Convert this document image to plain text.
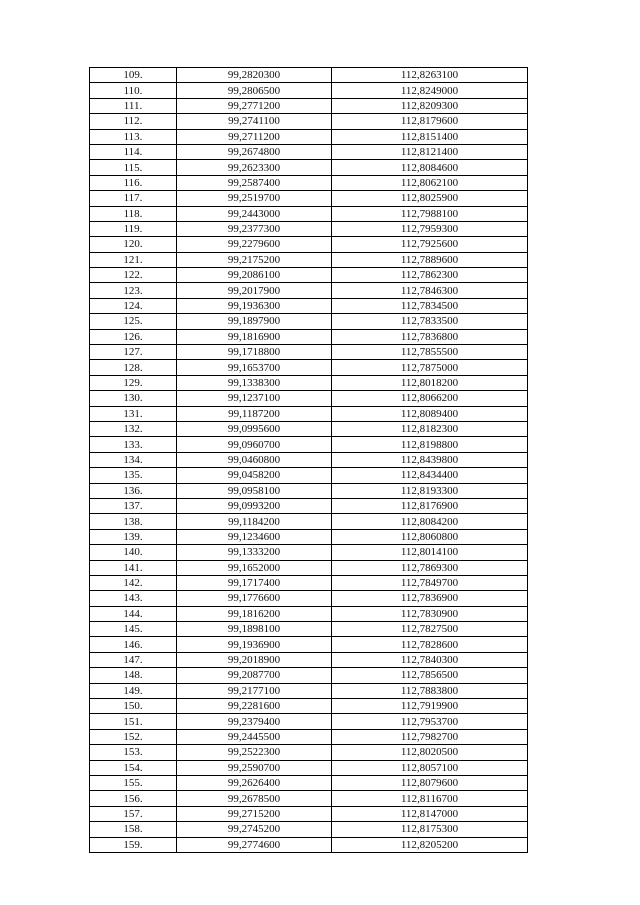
109.	99,2820300	112,8263100
110.	99,2806500	112,8249000
111.	99,2771200	112,8209300
112.	99,2741100	112,8179600
113.	99,2711200	112,8151400
114.	99,2674800	112,8121400
115.	99,2623300	112,8084600
116.	99,2587400	112,8062100
117.	99,2519700	112,8025900
118.	99,2443000	112,7988100
119.	99,2377300	112,7959300
120.	99,2279600	112,7925600
121.	99,2175200	112,7889600
122.	99,2086100	112,7862300
123.	99,2017900	112,7846300
124.	99,1936300	112,7834500
125.	99,1897900	112,7833500
126.	99,1816900	112,7836800
127.	99,1718800	112,7855500
128.	99,1653700	112,7875000
129.	99,1338300	112,8018200
130.	99,1237100	112,8066200
131.	99,1187200	112,8089400
132.	99,0995600	112,8182300
133.	99,0960700	112,8198800
134.	99,0460800	112,8439800
135.	99,0458200	112,8434400
136.	99,0958100	112,8193300
137.	99,0993200	112,8176900
138.	99,1184200	112,8084200
139.	99,1234600	112,8060800
140.	99,1333200	112,8014100
141.	99,1652000	112,7869300
142.	99,1717400	112,7849700
143.	99,1776600	112,7836900
144.	99,1816200	112,7830900
145.	99,1898100	112,7827500
146.	99,1936900	112,7828600
147.	99,2018900	112,7840300
148.	99,2087700	112,7856500
149.	99,2177100	112,7883800
150.	99,2281600	112,7919900
151.	99,2379400	112,7953700
152.	99,2445500	112,7982700
153.	99,2522300	112,8020500
154.	99,2590700	112,8057100
155.	99,2626400	112,8079600
156.	99,2678500	112,8116700
157.	99,2715200	112,8147000
158.	99,2745200	112,8175300
159.	99,2774600	112,8205200
